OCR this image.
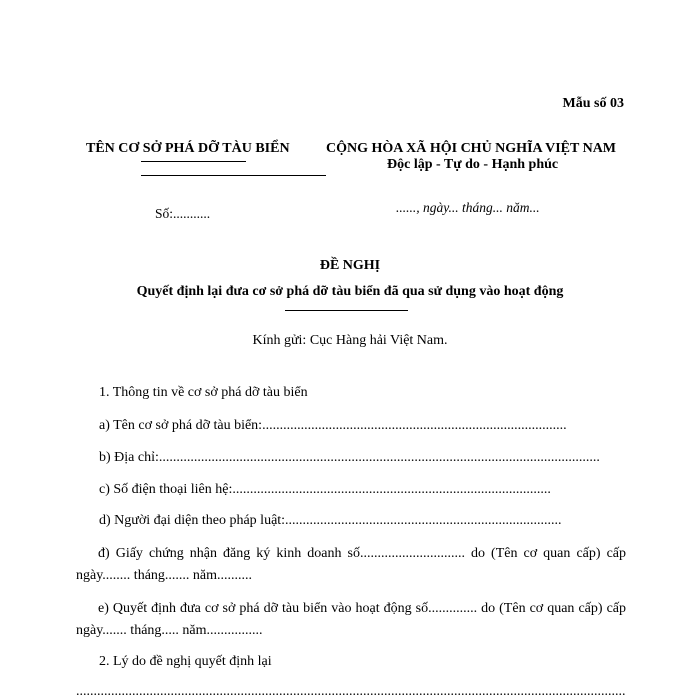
Mẫu số 03
TÊN CƠ SỞ PHÁ DỠ TÀU BIỂN
Số:...........
CỘNG HÒA XÃ HỘI CHỦ NGHĨA VIỆT NAM
Độc lập - Tự do - Hạnh phúc
......, ngày... tháng... năm...
ĐỀ NGHỊ
Quyết định lại đưa cơ sở phá dỡ tàu biển đã qua sử dụng vào hoạt động
Kính gửi: Cục Hàng hải Việt Nam.
1. Thông tin về cơ sở phá dỡ tàu biển
a) Tên cơ sở phá dỡ tàu biển:.......................................................................................
b) Địa chỉ:..............................................................................................................................
c) Số điện thoại liên hệ:...........................................................................................
d) Người đại diện theo pháp luật:...............................................................................
đ) Giấy chứng nhận đăng ký kinh doanh số.............................. do (Tên cơ quan cấp) cấp ngày........ tháng....... năm..........
e) Quyết định đưa cơ sở phá dỡ tàu biển vào hoạt động số.............. do (Tên cơ quan cấp) cấp ngày....... tháng..... năm................
2. Lý do đề nghị quyết định lại
.............................................................................................................................................................
